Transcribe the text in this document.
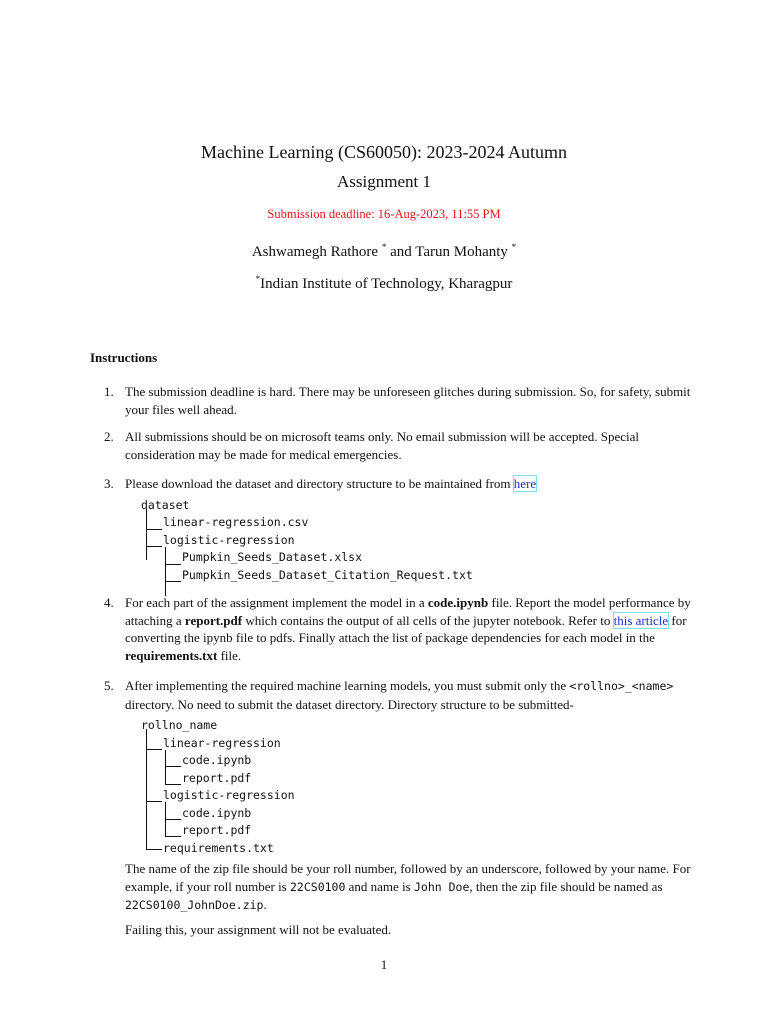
Machine Learning (CS60050): 2023-2024 Autumn
Assignment 1
Submission deadline: 16-Aug-2023, 11:55 PM
Ashwamegh Rathore * and Tarun Mohanty *
*Indian Institute of Technology, Kharagpur
Instructions
1. The submission deadline is hard. There may be unforeseen glitches during submission. So, for safety, submit your files well ahead.

2. All submissions should be on microsoft teams only. No email submission will be accepted. Special consideration may be made for medical emergencies.

3. Please download the dataset and directory structure to be maintained from here

dataset
linear-regression.csv
logistic-regression
Pumpkin_Seeds_Dataset.xlsx
Pumpkin_Seeds_Dataset_Citation_Request.txt
4. For each part of the assignment implement the model in a code.ipynb file. Report the model performance by attaching a report.pdf which contains the output of all cells of the jupyter notebook. Refer to this article for converting the ipynb file to pdfs. Finally attach the list of package dependencies for each model in the requirements.txt file.

5. After implementing the required machine learning models, you must submit only the <rollno>_<name> directory. No need to submit the dataset directory. Directory structure to be submitted-

rollno_name
linear-regression
code.ipynb
report.pdf
logistic-regression
code.ipynb
report.pdf
requirements.txt

The name of the zip file should be your roll number, followed by an underscore, followed by your name. For example, if your roll number is 22CS0100 and name is John Doe, then the zip file should be named as 22CS0100_JohnDoe.zip.

Failing this, your assignment will not be evaluated.

1
